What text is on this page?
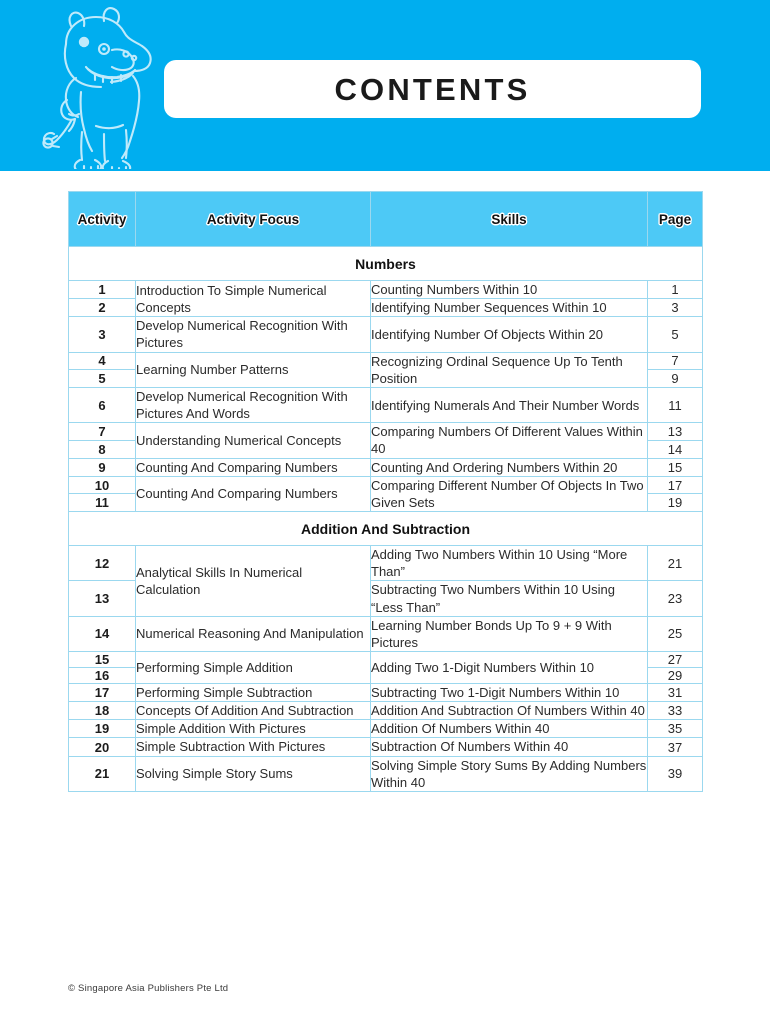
CONTENTS
Activity	Activity Focus	Skills	Page
Numbers			
1	Introduction To Simple Numerical Concepts	Counting Numbers Within 10	1
2		Identifying Number Sequences Within 10	3
3	Develop Numerical Recognition With Pictures	Identifying Number Of Objects Within 20	5
4	Learning Number Patterns	Recognizing Ordinal Sequence Up To Tenth Position	7
5			9
6	Develop Numerical Recognition With Pictures And Words	Identifying Numerals And Their Number Words	11
7	Understanding Numerical Concepts	Comparing Numbers Of Different Values Within 40	13
8			14
9	Counting And Comparing Numbers	Counting And Ordering Numbers Within 20	15
10	Counting And Comparing Numbers	Comparing Different Number Of Objects In Two Given Sets	17
11			19
Addition And Subtraction			
12	Analytical Skills In Numerical Calculation	Adding Two Numbers Within 10 Using “More Than”	21
13		Subtracting Two Numbers Within 10 Using “Less Than”	23
14	Numerical Reasoning And Manipulation	Learning Number Bonds Up To 9 + 9 With Pictures	25
15	Performing Simple Addition	Adding Two 1-Digit Numbers Within 10	27
16			29
17	Performing Simple Subtraction	Subtracting Two 1-Digit Numbers Within 10	31
18	Concepts Of Addition And Subtraction	Addition And Subtraction Of Numbers Within 40	33
19	Simple Addition With Pictures	Addition Of Numbers Within 40	35
20	Simple Subtraction With Pictures	Subtraction Of Numbers Within 40	37
21	Solving Simple Story Sums	Solving Simple Story Sums By Adding Numbers Within 40	39
© Singapore Asia Publishers Pte Ltd
